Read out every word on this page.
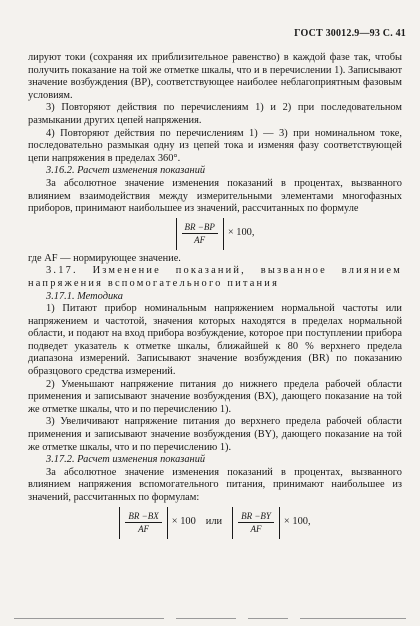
ГОСТ 30012.9—93 С. 41

лируют токи (сохраняя их приблизительное равенство) в каждой фазе так, чтобы получить показание на той же отметке шкалы, что и в перечислении 1). Записывают значение возбуждения (BP), соответствующее наиболее неблагоприятным фазовым условиям.

3) Повторяют действия по перечислениям 1) и 2) при последовательном размыкании других цепей напряжения.

4) Повторяют действия по перечислениям 1) — 3) при номинальном токе, последовательно размыкая одну из цепей тока и изменяя фазу соответствующей цепи напряжения в пределах 360°.

3.16.2. Расчет изменения показаний

За абсолютное значение изменения показаний в процентах, вызванного влиянием взаимодействия между измерительными элементами многофазных приборов, принимают наибольшее из значений, рассчитанных по формуле

$\frac{BR -BP}{AF} \times 100$,

где AF — нормирующее значение.

3.17. Изменение показаний, вызванное влиянием напряжения вспомогательного питания

3.17.1. Методика

1) Питают прибор номинальным напряжением нормальной частоты или напряжением и частотой, значения которых находятся в пределах нормальной области, и подают на вход прибора возбуждение, которое при поступлении прибора подведет указатель к отметке шкалы, ближайшей к 80 % верхнего предела диапазона измерений. Записывают значение возбуждения (BR) по показанию образцового средства измерений.

2) Уменьшают напряжение питания до нижнего предела рабочей области применения и записывают значение возбуждения (BX), дающего показание на той же отметке шкалы, что и по перечислению 1).

3) Увеличивают напряжение питания до верхнего предела рабочей области применения и записывают значение возбуждения (BY), дающего показание на той же отметке шкалы, что и по перечислению 1).

3.17.2. Расчет изменения показаний

За абсолютное значение изменения показаний в процентах, вызванного влиянием напряжения вспомогательного питания, принимают наибольшее из значений, рассчитанных по формулам:

$\frac{BR -BX}{AF} \times 100$ или $\frac{BR -BY}{AF} \times 100$,
